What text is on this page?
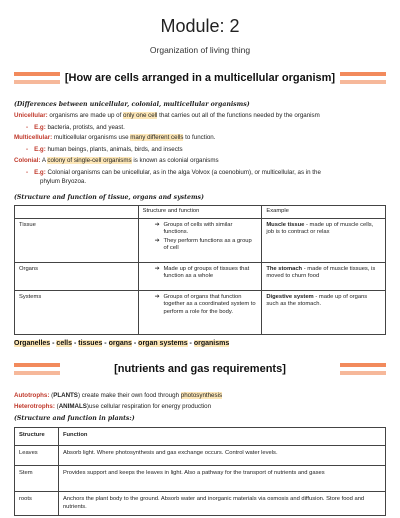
Module: 2
Organization of living thing
[How are cells arranged in a multicellular organism]
(Differences between unicellular, colonial, multicellular organisms)
Unicellular: organisms are made up of only one cell that carries out all of the functions needed by the organism
- E.g: bacteria, protists, and yeast.
Multicellular: multicellular organisms use many different cells to function.
- E.g: human beings, plants, animals, birds, and insects
Colonial: A colony of single-cell organisms is known as colonial organisms
- E.g: Colonial organisms can be unicellular, as in the alga Volvox (a coenobium), or multicellular, as in the
phylum Bryozoa.
(Structure and function of tissue, organs and systems)
	Structure and function	Example
Tissue	➔ Groups of cells with similar functions.
➔ They perform functions as a group of cell	Muscle tissue - made up of muscle cells, job is to contract or relax
Organs	➔ Made up of groups of tissues that function as a whole	The stomach - made of muscle tissues, is moved to churn food
Systems	➔ Groups of organs that function together as a coordinated system to perform a role for the body.	Digestive system - made up of organs such as the stomach.
Organelles - cells - tissues - organs - organ systems - organisms
[nutrients and gas requirements]
Autotrophs: (PLANTS) create make their own food through photosynthesis
Heterotrophs: (ANIMALS)use cellular respiration for energy production
(Structure and function in plants:)
Structure	Function
Leaves	Absorb light. Where photosynthesis and gas exchange occurs. Control water levels.
Stem	Provides support and keeps the leaves in light. Also a pathway for the transport of nutrients and gases
roots	Anchors the plant body to the ground. Absorb water and inorganic materials via osmosis and diffusion. Store food and nutrients.
